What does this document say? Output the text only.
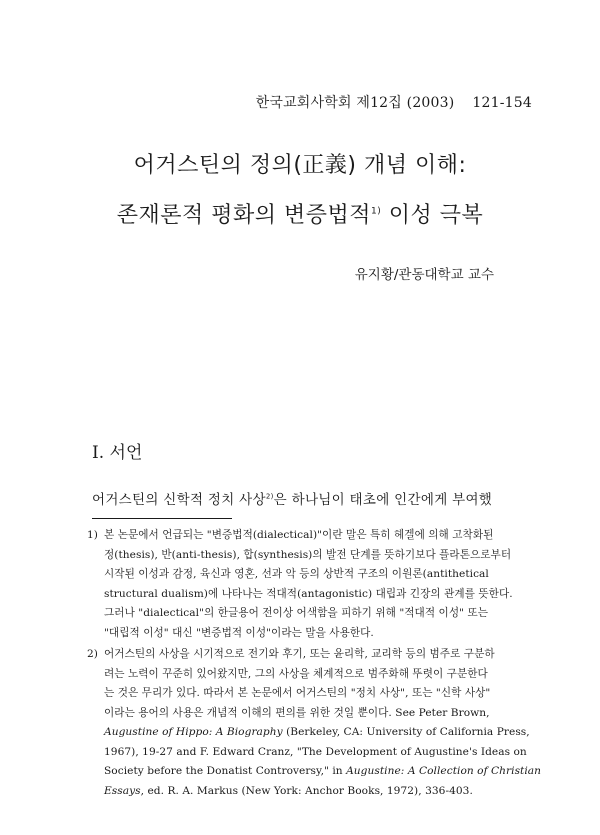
한국교회사학회 제12집 (2003) 121-154
어거스틴의 정의(正義) 개념 이해:
존재론적 평화의 변증법적$^{1)}$ 이성 극복
유지황/관동대학교 교수
I. 서언
어거스틴의 신학적 정치 사상$^{2)}$은 하나님이 태초에 인간에게 부여했
1) 본 논문에서 언급되는 "변증법적(dialectical)"이란 말은 특히 헤겔에 의해 고착화된
정(thesis), 반(anti-thesis), 합(synthesis)의 발전 단계를 뜻하기보다 플라톤으로부터
시작된 이성과 감정, 육신과 영혼, 선과 악 등의 상반적 구조의 이원론(antithetical
structural dualism)에 나타나는 적대적(antagonistic) 대립과 긴장의 관계를 뜻한다.
그러나 "dialectical"의 한글용어 전이상 어색함을 피하기 위해 "적대적 이성" 또는
"대립적 이성" 대신 "변증법적 이성"이라는 말을 사용한다.
2) 어거스틴의 사상을 시기적으로 전기와 후기, 또는 윤리학, 교리학 등의 범주로 구분하
려는 노력이 꾸준히 있어왔지만, 그의 사상을 체계적으로 범주화해 뚜렷이 구분한다
는 것은 무리가 있다. 따라서 본 논문에서 어거스틴의 "정치 사상", 또는 "신학 사상"
이라는 용어의 사용은 개념적 이해의 편의를 위한 것일 뿐이다. See Peter Brown,
Augustine of Hippo: A Biography (Berkeley, CA: University of California Press,
1967), 19-27 and F. Edward Cranz, "The Development of Augustine's Ideas on
Society before the Donatist Controversy," in Augustine: A Collection of Christian
Essays, ed. R. A. Markus (New York: Anchor Books, 1972), 336-403.
